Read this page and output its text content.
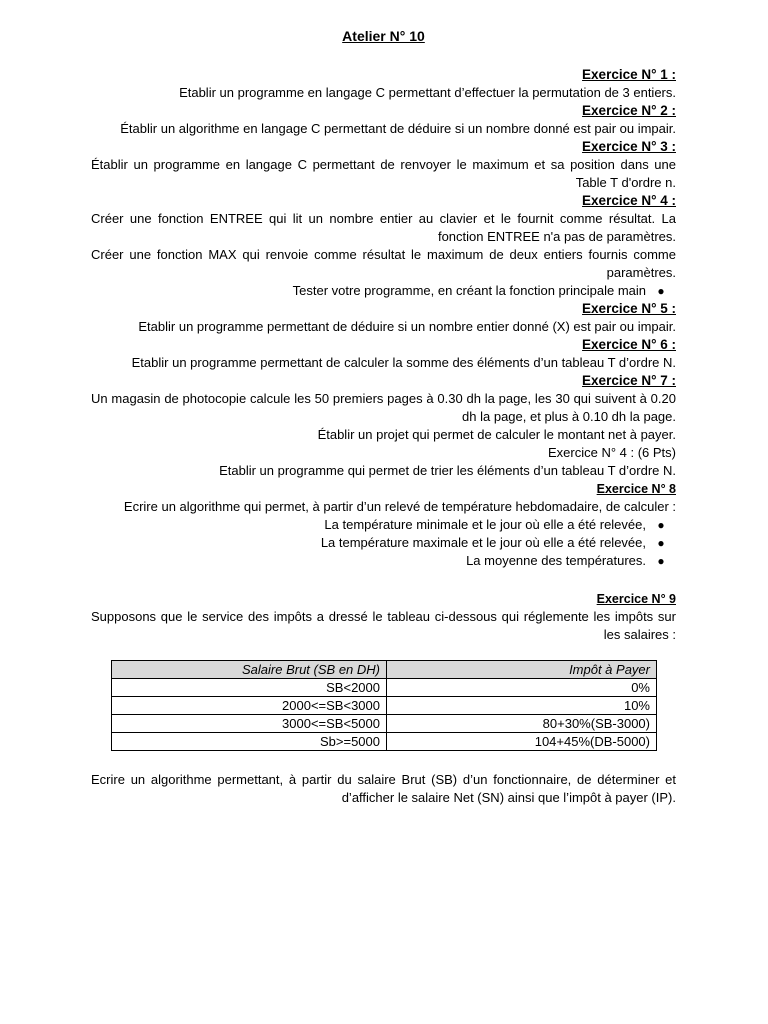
Atelier N° 10
Exercice N° 1 :

Etablir un programme en langage C permettant d’effectuer la permutation de 3 entiers.

Exercice N° 2 :

Établir un algorithme en langage C permettant de déduire si un nombre donné est pair ou impair.

Exercice N° 3 :

Établir un programme en langage C permettant de renvoyer le maximum et sa position dans une Table T d'ordre n.

Exercice N° 4 :

Créer une fonction ENTREE qui lit un nombre entier au clavier et le fournit comme résultat. La fonction ENTREE n'a pas de paramètres.

Créer une fonction MAX qui renvoie comme résultat le maximum de deux entiers fournis comme paramètres.

Tester votre programme, en créant la fonction principale main ●

Exercice N° 5 :

Etablir un programme permettant de déduire si un nombre entier donné (X) est pair ou impair.

Exercice N° 6 :

Etablir un programme permettant de calculer la somme des éléments d’un tableau T d’ordre N.

Exercice N° 7 :

Un magasin de photocopie calcule les 50 premiers pages à 0.30 dh la page, les 30 qui suivent à 0.20 dh la page, et plus à 0.10 dh la page.

Établir un projet qui permet de calculer le montant net à payer.

Exercice N° 4 : (6 Pts)

Etablir un programme qui permet de trier les éléments d’un tableau T d’ordre N.

Exercice N° 8

Ecrire un algorithme qui permet, à partir d’un relevé de température hebdomadaire, de calculer :

La température minimale et le jour où elle a été relevée, ●

La température maximale et le jour où elle a été relevée, ●

La moyenne des températures. ●

Exercice N° 9

Supposons que le service des impôts a dressé le tableau ci-dessous qui réglemente les impôts sur les salaires :

Salaire Brut (SB en DH)	Impôt à Payer
SB<2000	0%
2000<=SB<3000	10%
3000<=SB<5000	80+30%(SB-3000)
Sb>=5000	104+45%(DB-5000)

Ecrire un algorithme permettant, à partir du salaire Brut (SB) d’un fonctionnaire, de déterminer et d’afficher le salaire Net (SN) ainsi que l’impôt à payer (IP).
